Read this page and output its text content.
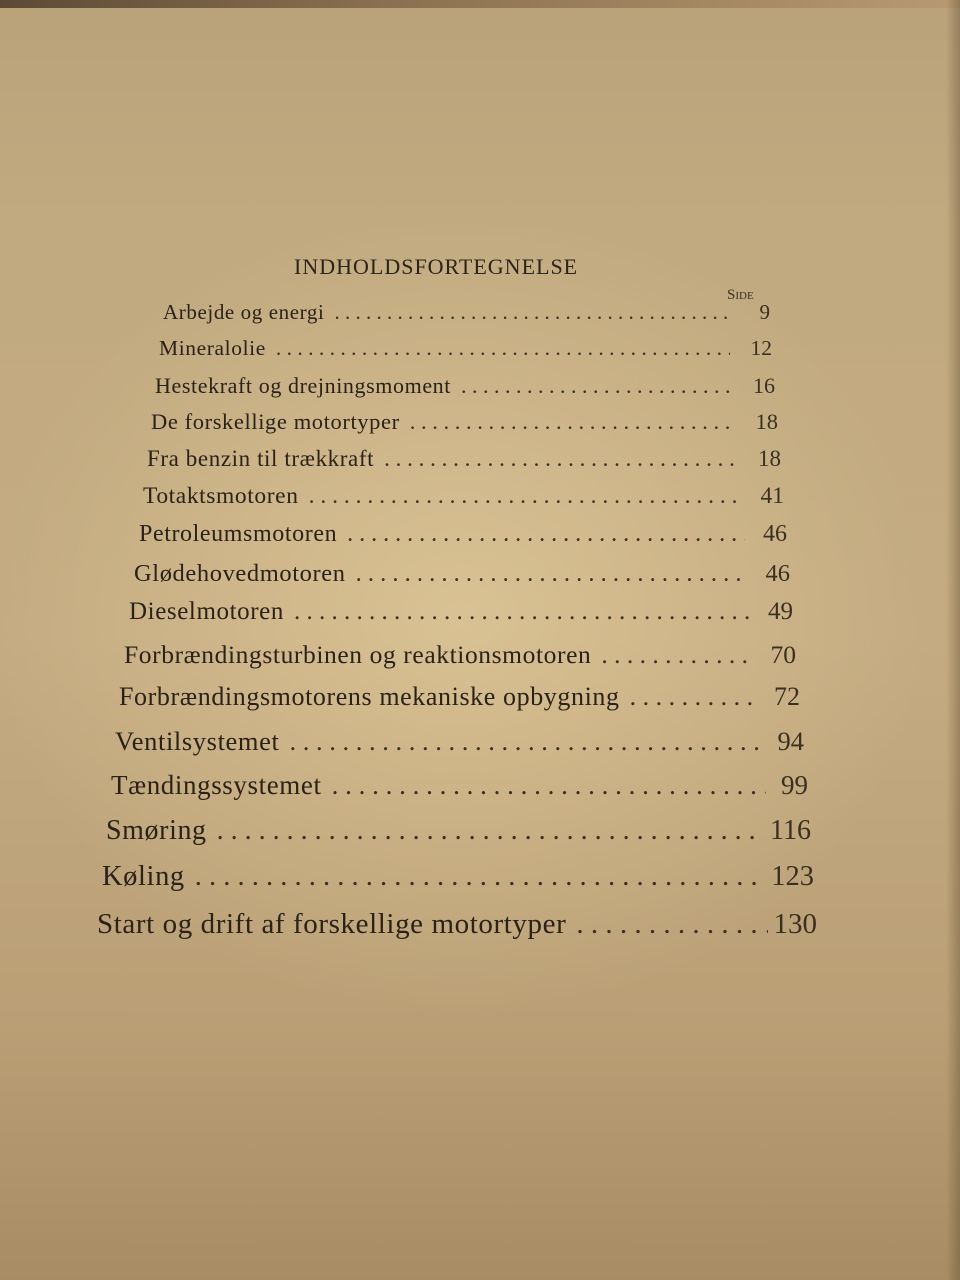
INDHOLDSFORTEGNELSE
Side
Arbejde og energi . . .	9
Mineralolie . . .	12
Hestekraft og drejningsmoment . . .	16
De forskellige motortyper . . .	18
Fra benzin til trækkraft . . .	18
Totaktsmotoren . . .	41
Petroleumsmotoren . . .	46
Glødehovedmotoren . . .	46
Dieselmotoren . . .	49
Forbrændingsturbinen og reaktionsmotoren . . .	70
Forbrændingsmotorens mekaniske opbygning . . .	72
Ventilsystemet . . .	94
Tændingssystemet . . .	99
Smøring . . .	116
Køling . . .	123
Start og drift af forskellige motortyper . . .	130
